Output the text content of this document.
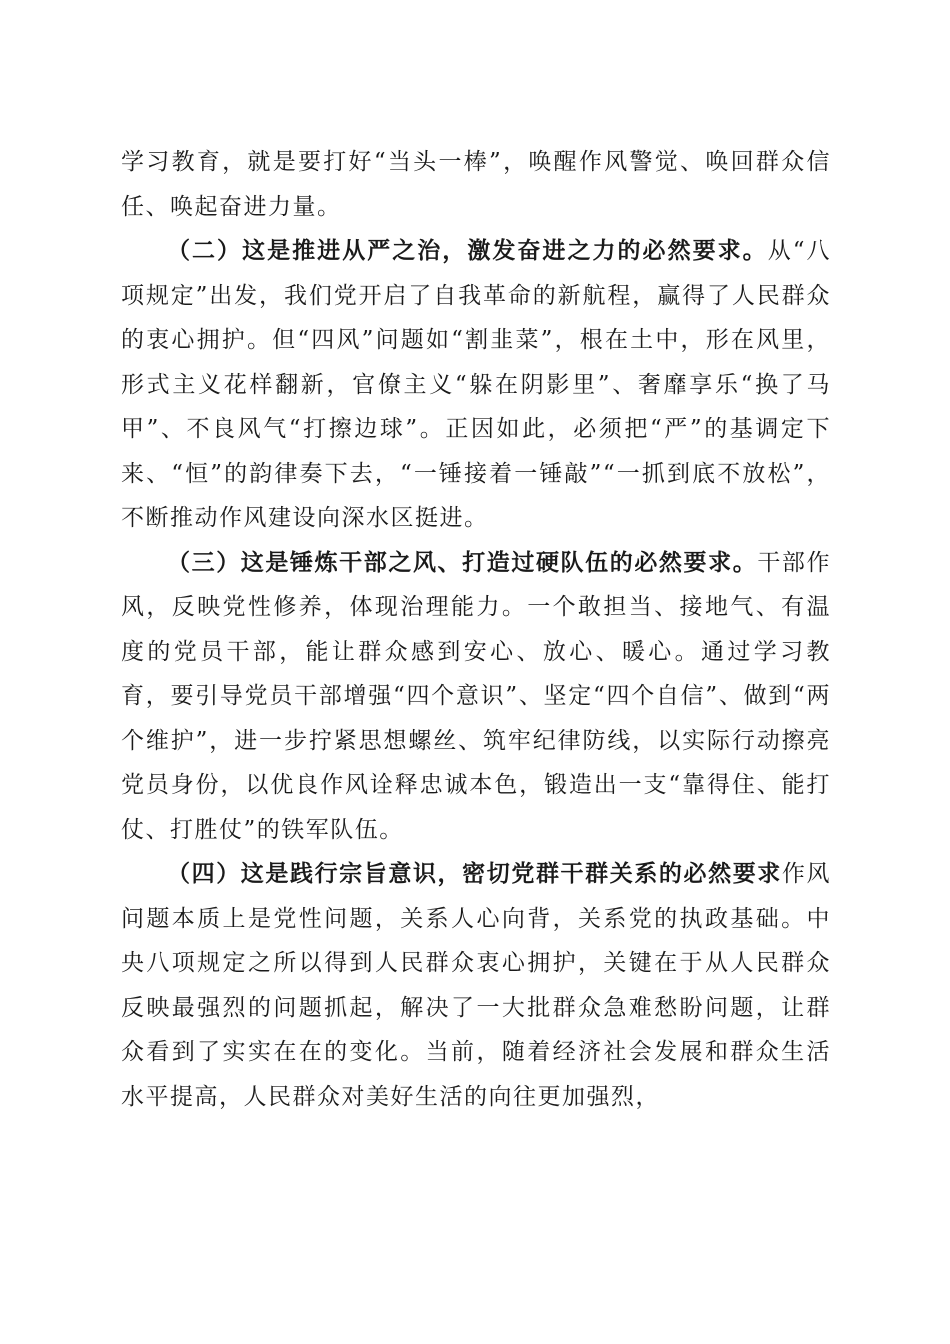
学习教育，就是要打好“当头一棒”，唤醒作风警觉、唤回群众信任、唤起奋进力量。

（二）这是推进从严之治，激发奋进之力的必然要求。从“八项规定”出发，我们党开启了自我革命的新航程，赢得了人民群众的衷心拥护。但“四风”问题如“割韭菜”，根在土中，形在风里，形式主义花样翻新，官僚主义“躲在阴影里”、奢靡享乐“换了马甲”、不良风气“打擦边球”。正因如此，必须把“严”的基调定下来、“恒”的韵律奏下去，“一锤接着一锤敲”“一抓到底不放松”，不断推动作风建设向深水区挺进。

（三）这是锤炼干部之风、打造过硬队伍的必然要求。干部作风，反映党性修养，体现治理能力。一个敢担当、接地气、有温度的党员干部，能让群众感到安心、放心、暖心。通过学习教育，要引导党员干部增强“四个意识”、坚定“四个自信”、做到“两个维护”，进一步拧紧思想螺丝、筑牢纪律防线，以实际行动擦亮党员身份，以优良作风诠释忠诚本色，锻造出一支“靠得住、能打仗、打胜仗”的铁军队伍。

（四）这是践行宗旨意识，密切党群干群关系的必然要求作风问题本质上是党性问题，关系人心向背，关系党的执政基础。中央八项规定之所以得到人民群众衷心拥护，关键在于从人民群众反映最强烈的问题抓起，解决了一大批群众急难愁盼问题，让群众看到了实实在在的变化。当前，随着经济社会发展和群众生活水平提高，人民群众对美好生活的向往更加强烈，
